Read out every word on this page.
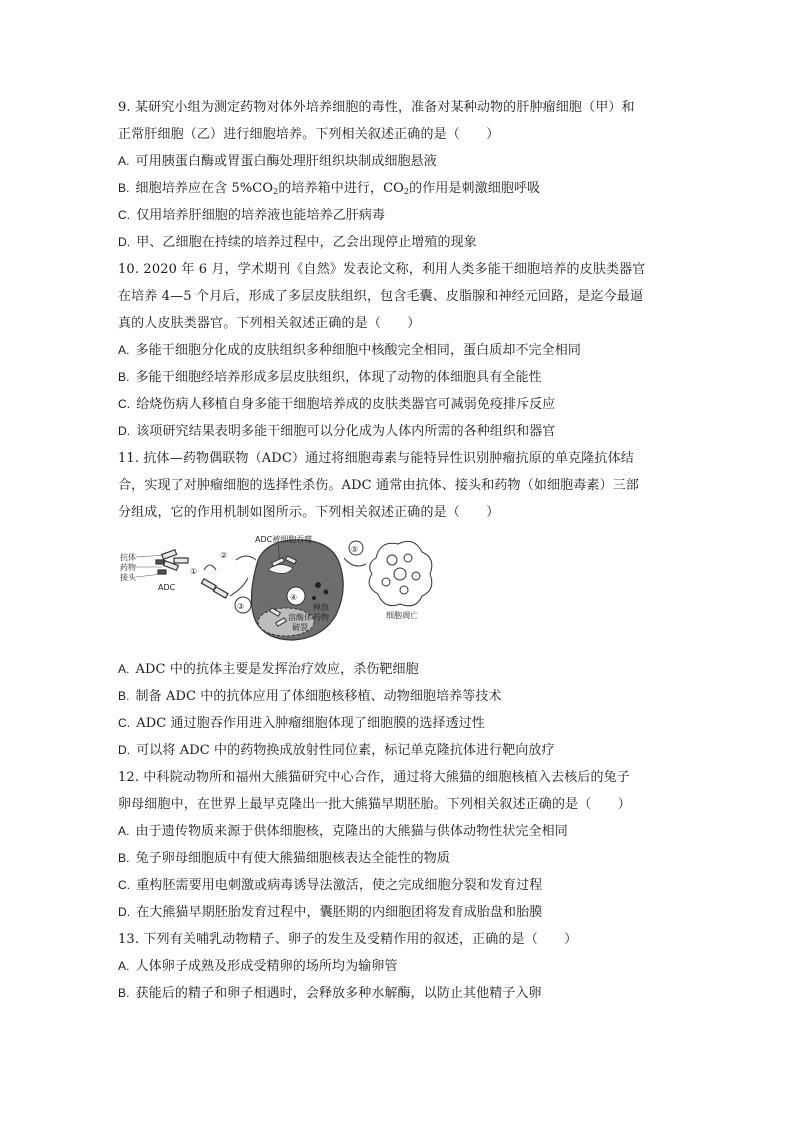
9. 某研究小组为测定药物对体外培养细胞的毒性，准备对某种动物的肝肿瘤细胞（甲）和
正常肝细胞（乙）进行细胞培养。下列相关叙述正确的是（　　）
A. 可用胰蛋白酶或胃蛋白酶处理肝组织块制成细胞悬液
B. 细胞培养应在含 $5\%CO_2$的培养箱中进行，$CO_2$的作用是刺激细胞呼吸
C. 仅用培养肝细胞的培养液也能培养乙肝病毒
D. 甲、乙细胞在持续的培养过程中，乙会出现停止增殖的现象
10. 2020 年 6 月，学术期刊《自然》发表论文称，利用人类多能干细胞培养的皮肤类器官
在培养 4—5 个月后，形成了多层皮肤组织，包含毛囊、皮脂腺和神经元回路，是迄今最逼
真的人皮肤类器官。下列相关叙述正确的是（　　）
A. 多能干细胞分化成的皮肤组织多种细胞中核酸完全相同，蛋白质却不完全相同
B. 多能干细胞经培养形成多层皮肤组织，体现了动物的体细胞具有全能性
C. 给烧伤病人移植自身多能干细胞培养成的皮肤类器官可减弱免疫排斥反应
D. 该项研究结果表明多能干细胞可以分化成为人体内所需的各种组织和器官
11. 抗体—药物偶联物（ADC）通过将细胞毒素与能特异性识别肿瘤抗原的单克隆抗体结
合，实现了对肿瘤细胞的选择性杀伤。ADC 通常由抗体、接头和药物（如细胞毒素）三部
分组成，它的作用机制如图所示。下列相关叙述正确的是（　　）
抗体
药物
接头
ADC
①
②
ADC被细胞吞噬
③
④
溶酶体
破裂
释放
药物
⑤
细胞凋亡
A. ADC 中的抗体主要是发挥治疗效应，杀伤靶细胞
B. 制备 ADC 中的抗体应用了体细胞核移植、动物细胞培养等技术
C. ADC 通过胞吞作用进入肿瘤细胞体现了细胞膜的选择透过性
D. 可以将 ADC 中的药物换成放射性同位素，标记单克隆抗体进行靶向放疗
12. 中科院动物所和福州大熊猫研究中心合作，通过将大熊猫的细胞核植入去核后的兔子
卵母细胞中，在世界上最早克隆出一批大熊猫早期胚胎。下列相关叙述正确的是（　　）
A. 由于遗传物质来源于供体细胞核，克隆出的大熊猫与供体动物性状完全相同
B. 兔子卵母细胞质中有使大熊猫细胞核表达全能性的物质
C. 重构胚需要用电刺激或病毒诱导法激活，使之完成细胞分裂和发育过程
D. 在大熊猫早期胚胎发育过程中，囊胚期的内细胞团将发育成胎盘和胎膜
13. 下列有关哺乳动物精子、卵子的发生及受精作用的叙述，正确的是（　　）
A. 人体卵子成熟及形成受精卵的场所均为输卵管
B. 获能后的精子和卵子相遇时，会释放多种水解酶，以防止其他精子入卵
